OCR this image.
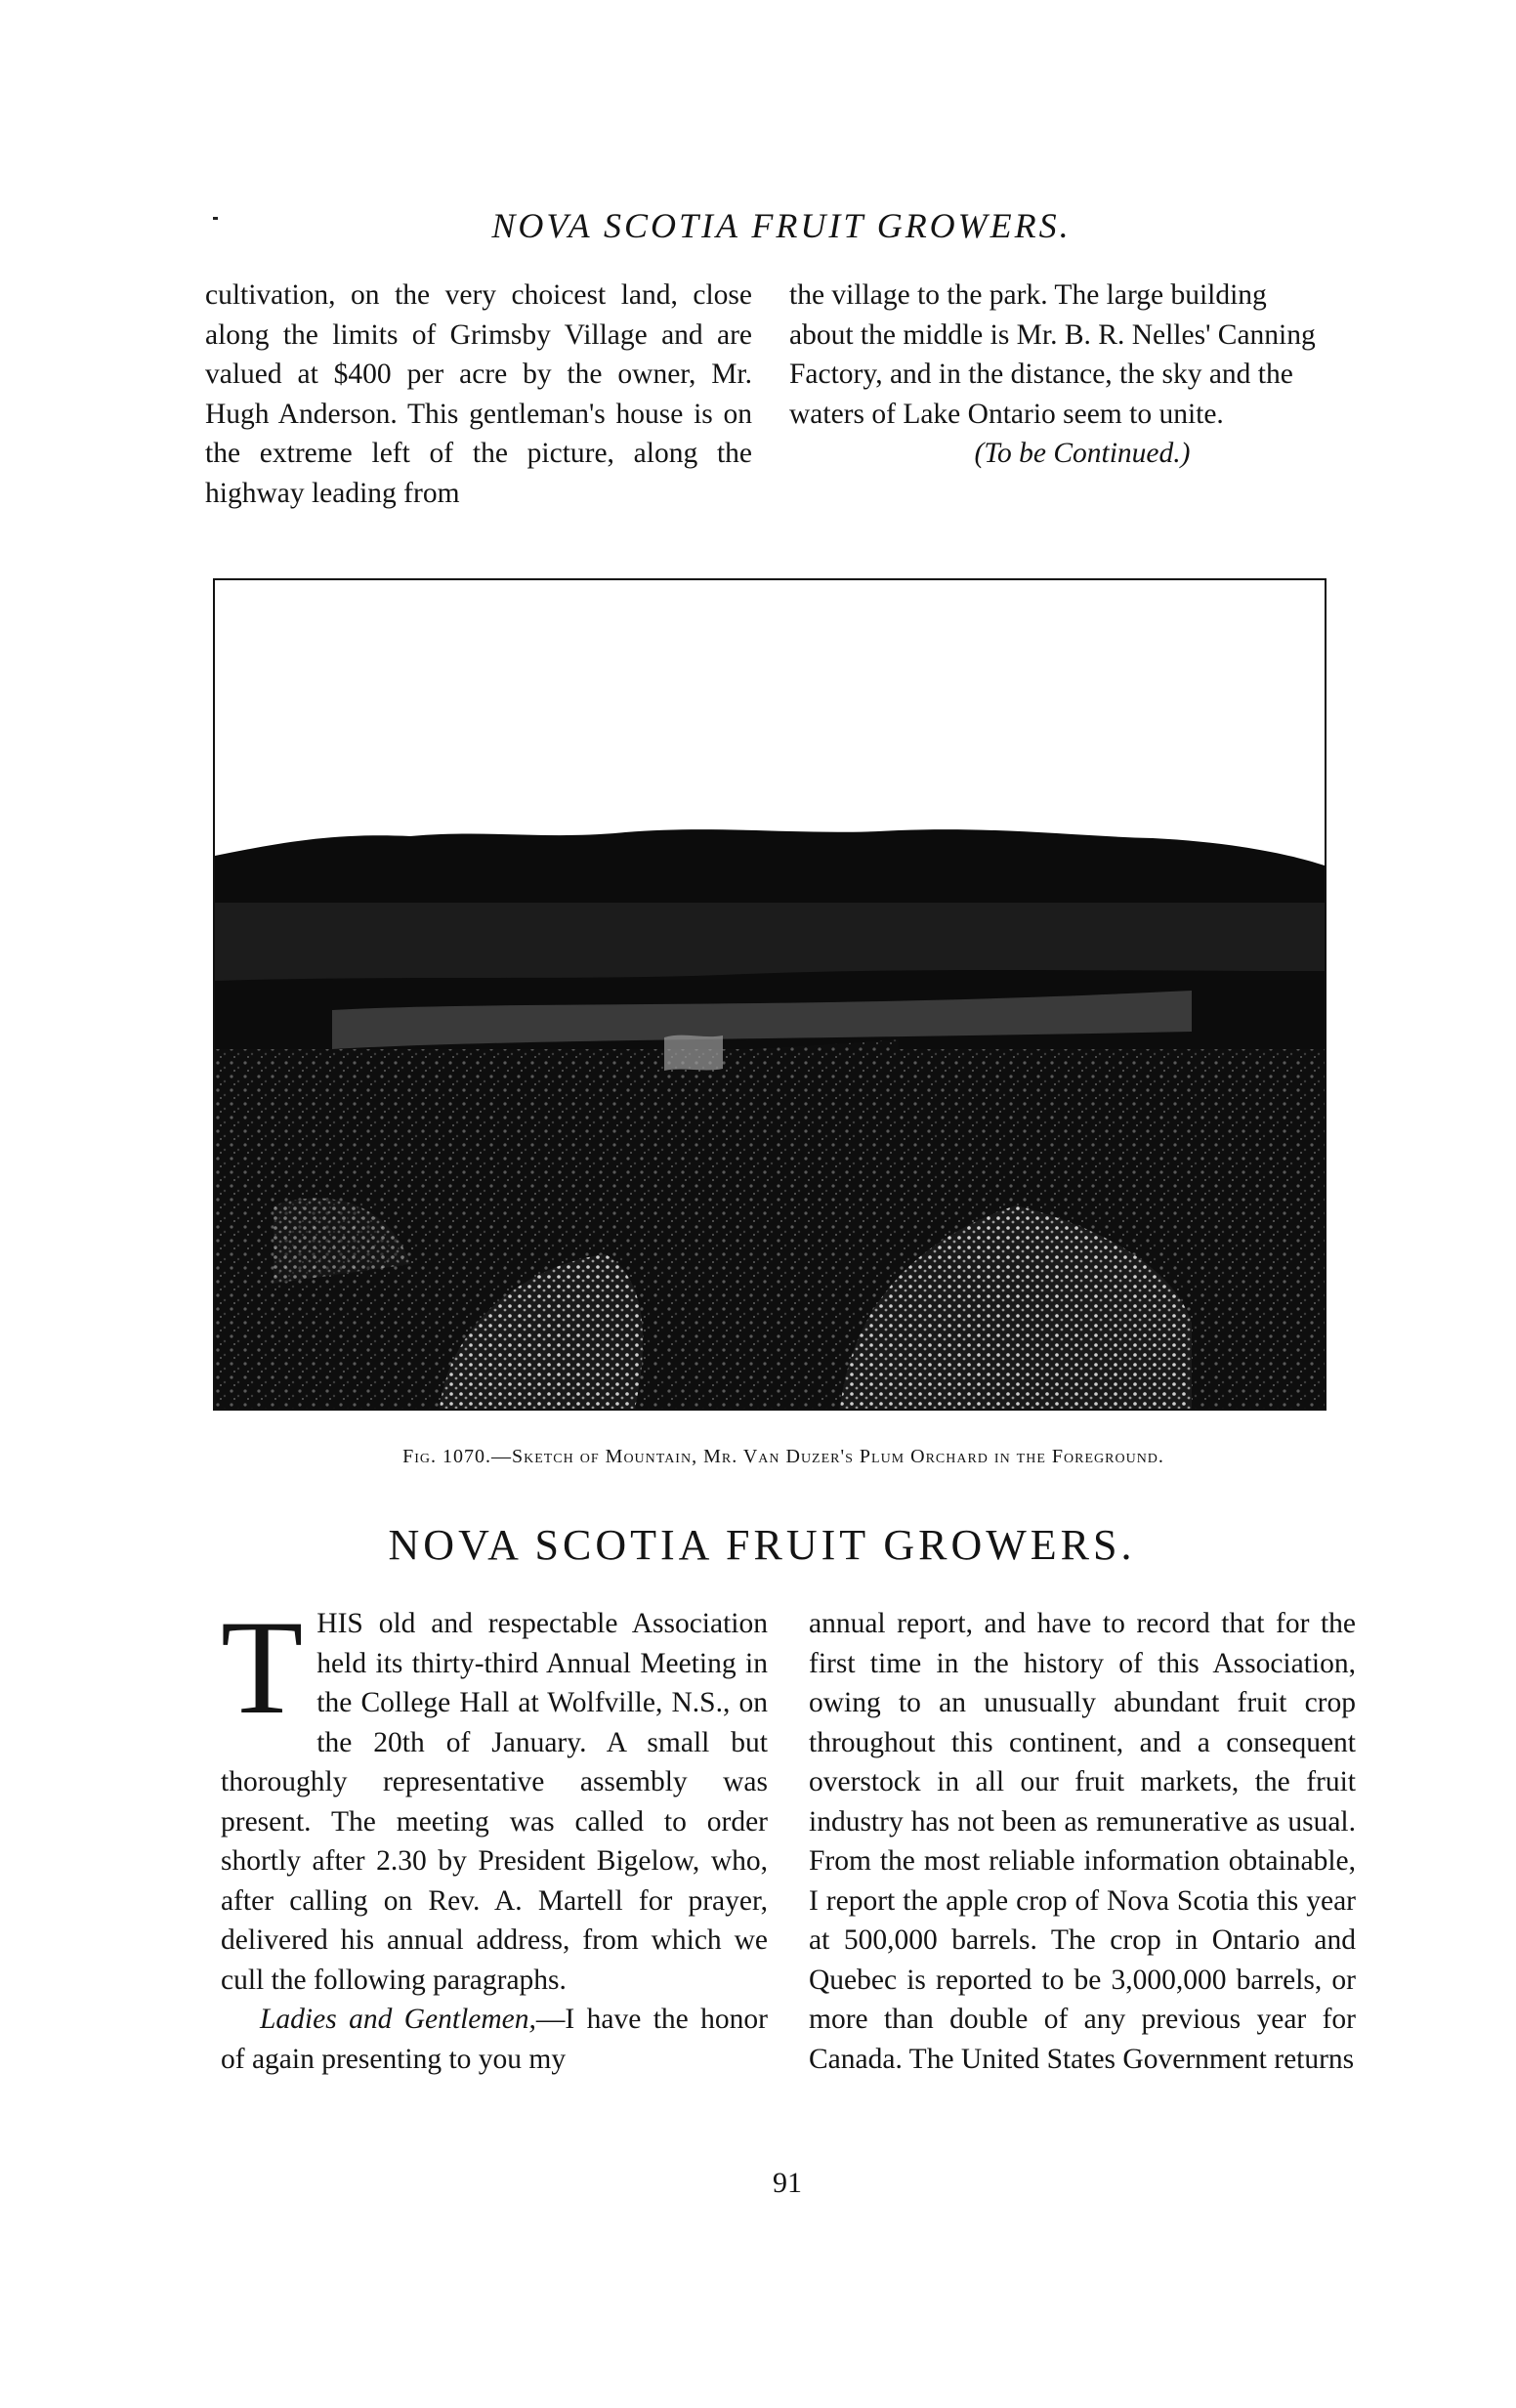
NOVA SCOTIA FRUIT GROWERS.

cultivation, on the very choicest land, close along the limits of Grimsby Village and are valued at $400 per acre by the owner, Mr. Hugh Anderson. This gentleman's house is on the extreme left of the picture, along the highway leading from

the village to the park. The large building about the middle is Mr. B. R. Nelles' Canning Factory, and in the distance, the sky and the waters of Lake Ontario seem to unite.

(To be Continued.)

Fig. 1070.—Sketch of Mountain, Mr. Van Duzer's Plum Orchard in the Foreground.
NOVA SCOTIA FRUIT GROWERS.

T HIS old and respectable Association held its thirty-third Annual Meeting in the College Hall at Wolfville, N.S., on the 20th of January. A small but thoroughly representative assembly was present. The meeting was called to order shortly after 2.30 by President Bigelow, who, after calling on Rev. A. Martell for prayer, delivered his annual address, from which we cull the following paragraphs.

Ladies and Gentlemen,—I have the honor of again presenting to you my

annual report, and have to record that for the first time in the history of this Association, owing to an unusually abundant fruit crop throughout this continent, and a consequent overstock in all our fruit markets, the fruit industry has not been as remunerative as usual. From the most reliable information obtainable, I report the apple crop of Nova Scotia this year at 500,000 barrels. The crop in Ontario and Quebec is reported to be 3,000,000 barrels, or more than double of any previous year for Canada. The United States Government returns

91
